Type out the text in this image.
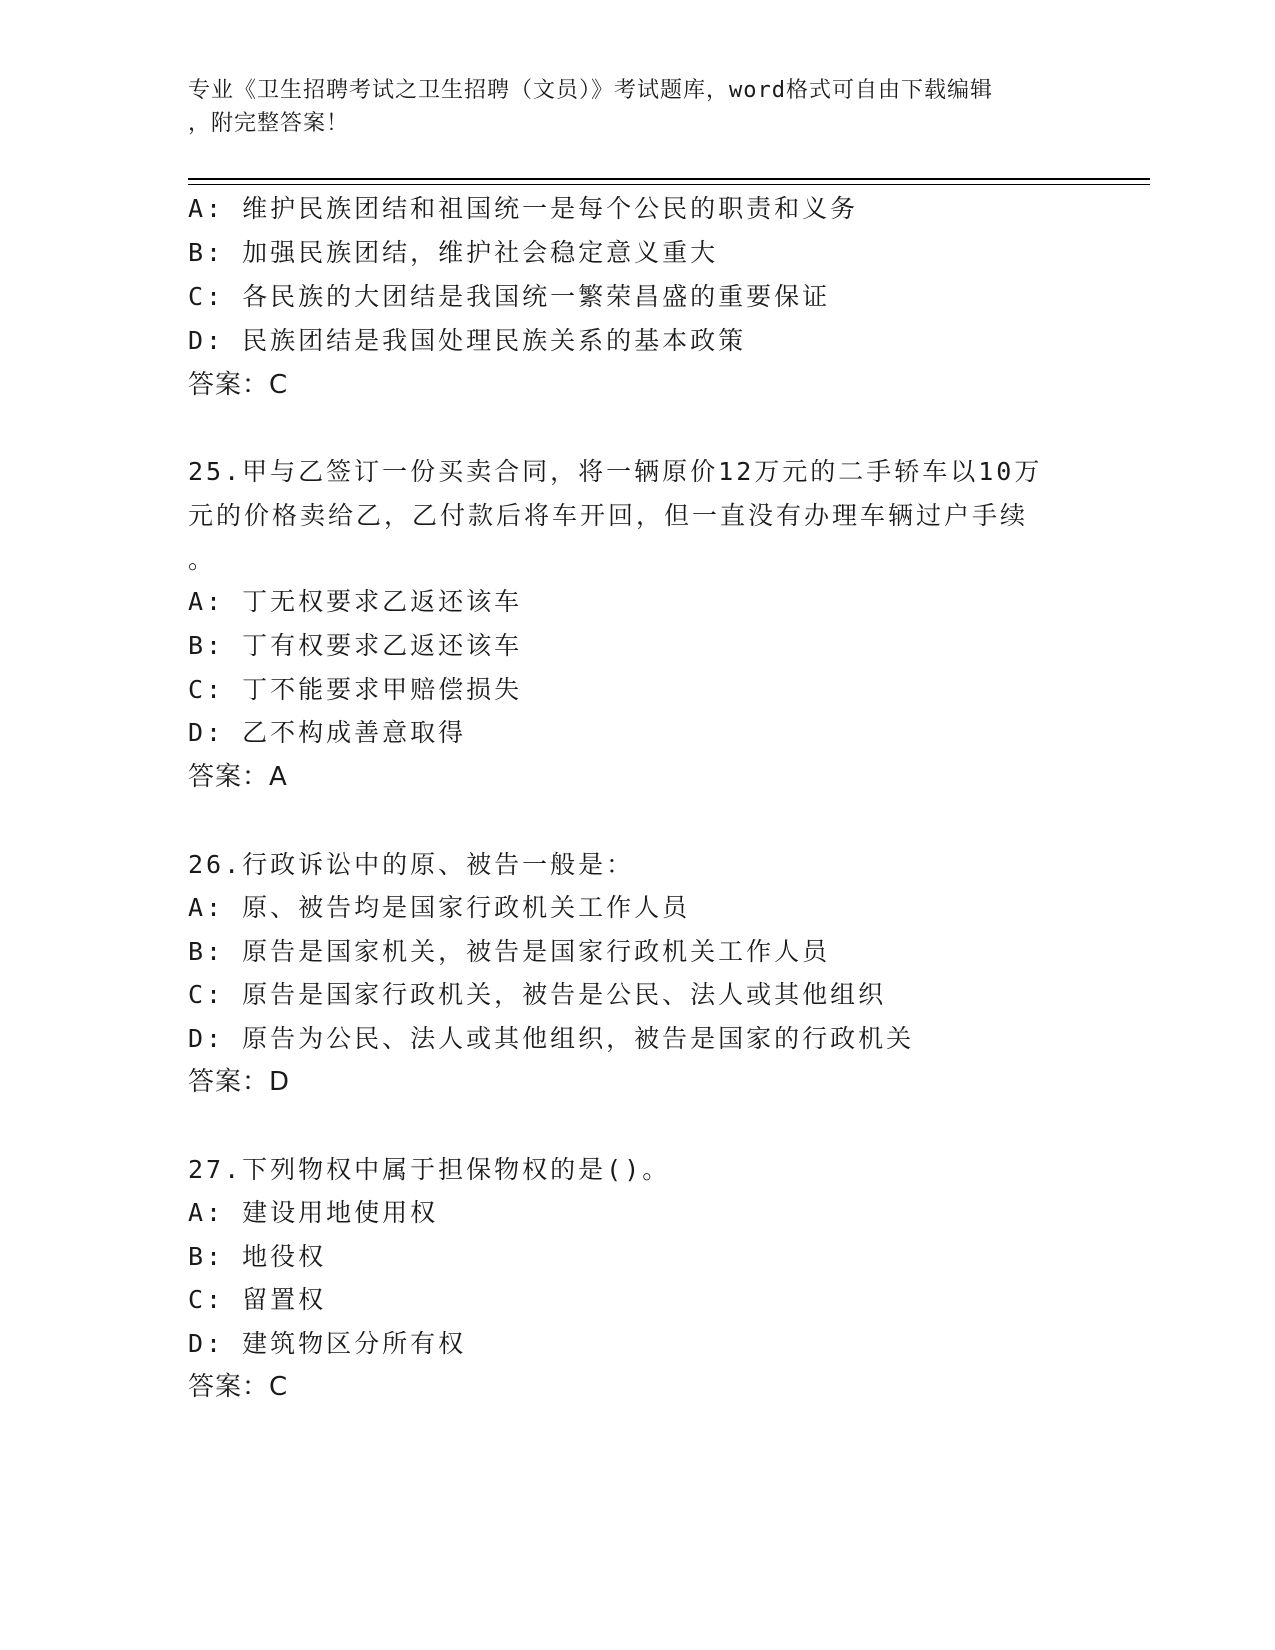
专业《卫生招聘考试之卫生招聘（文员）》考试题库，word格式可自由下载编辑
，附完整答案！
A: 维护民族团结和祖国统一是每个公民的职责和义务
B: 加强民族团结，维护社会稳定意义重大
C: 各民族的大团结是我国统一繁荣昌盛的重要保证
D: 民族团结是我国处理民族关系的基本政策
答案：C
25.甲与乙签订一份买卖合同，将一辆原价12万元的二手轿车以10万
元的价格卖给乙，乙付款后将车开回，但一直没有办理车辆过户手续
。
A: 丁无权要求乙返还该车
B: 丁有权要求乙返还该车
C: 丁不能要求甲赔偿损失
D: 乙不构成善意取得
答案：A
26.行政诉讼中的原、被告一般是：
A: 原、被告均是国家行政机关工作人员
B: 原告是国家机关，被告是国家行政机关工作人员
C: 原告是国家行政机关，被告是公民、法人或其他组织
D: 原告为公民、法人或其他组织，被告是国家的行政机关
答案：D
27.下列物权中属于担保物权的是()。
A: 建设用地使用权
B: 地役权
C: 留置权
D: 建筑物区分所有权
答案：C
